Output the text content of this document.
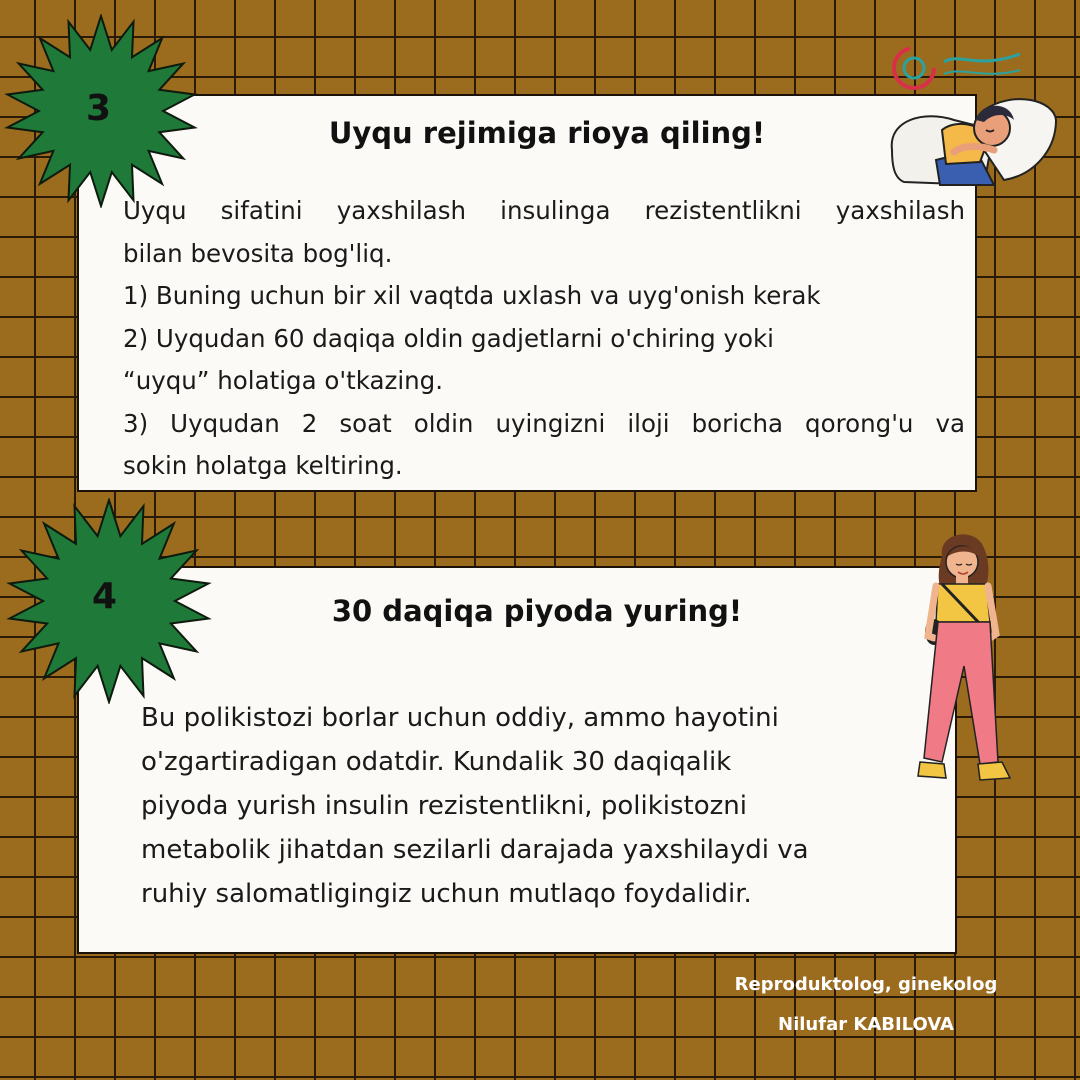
Uyqu rejimiga rioya qiling!
Uyqu sifatini yaxshilash insulinga rezistentlikni yaxshilash
bilan bevosita bog'liq.
1) Buning uchun bir xil vaqtda uxlash va uyg'onish kerak
2) Uyqudan 60 daqiqa oldin gadjetlarni o'chiring yoki
“uyqu” holatiga o'tkazing.
3) Uyqudan 2 soat oldin uyingizni iloji boricha qorong'u va
sokin holatga keltiring.
3
30 daqiqa piyoda yuring!
Bu polikistozi borlar uchun oddiy, ammo hayotini
o'zgartiradigan odatdir. Kundalik 30 daqiqalik
piyoda yurish insulin rezistentlikni, polikistozni
metabolik jihatdan sezilarli darajada yaxshilaydi va
ruhiy salomatligingiz uchun mutlaqo foydalidir.
4
Reproduktolog, ginekolog
Nilufar KABILOVA
